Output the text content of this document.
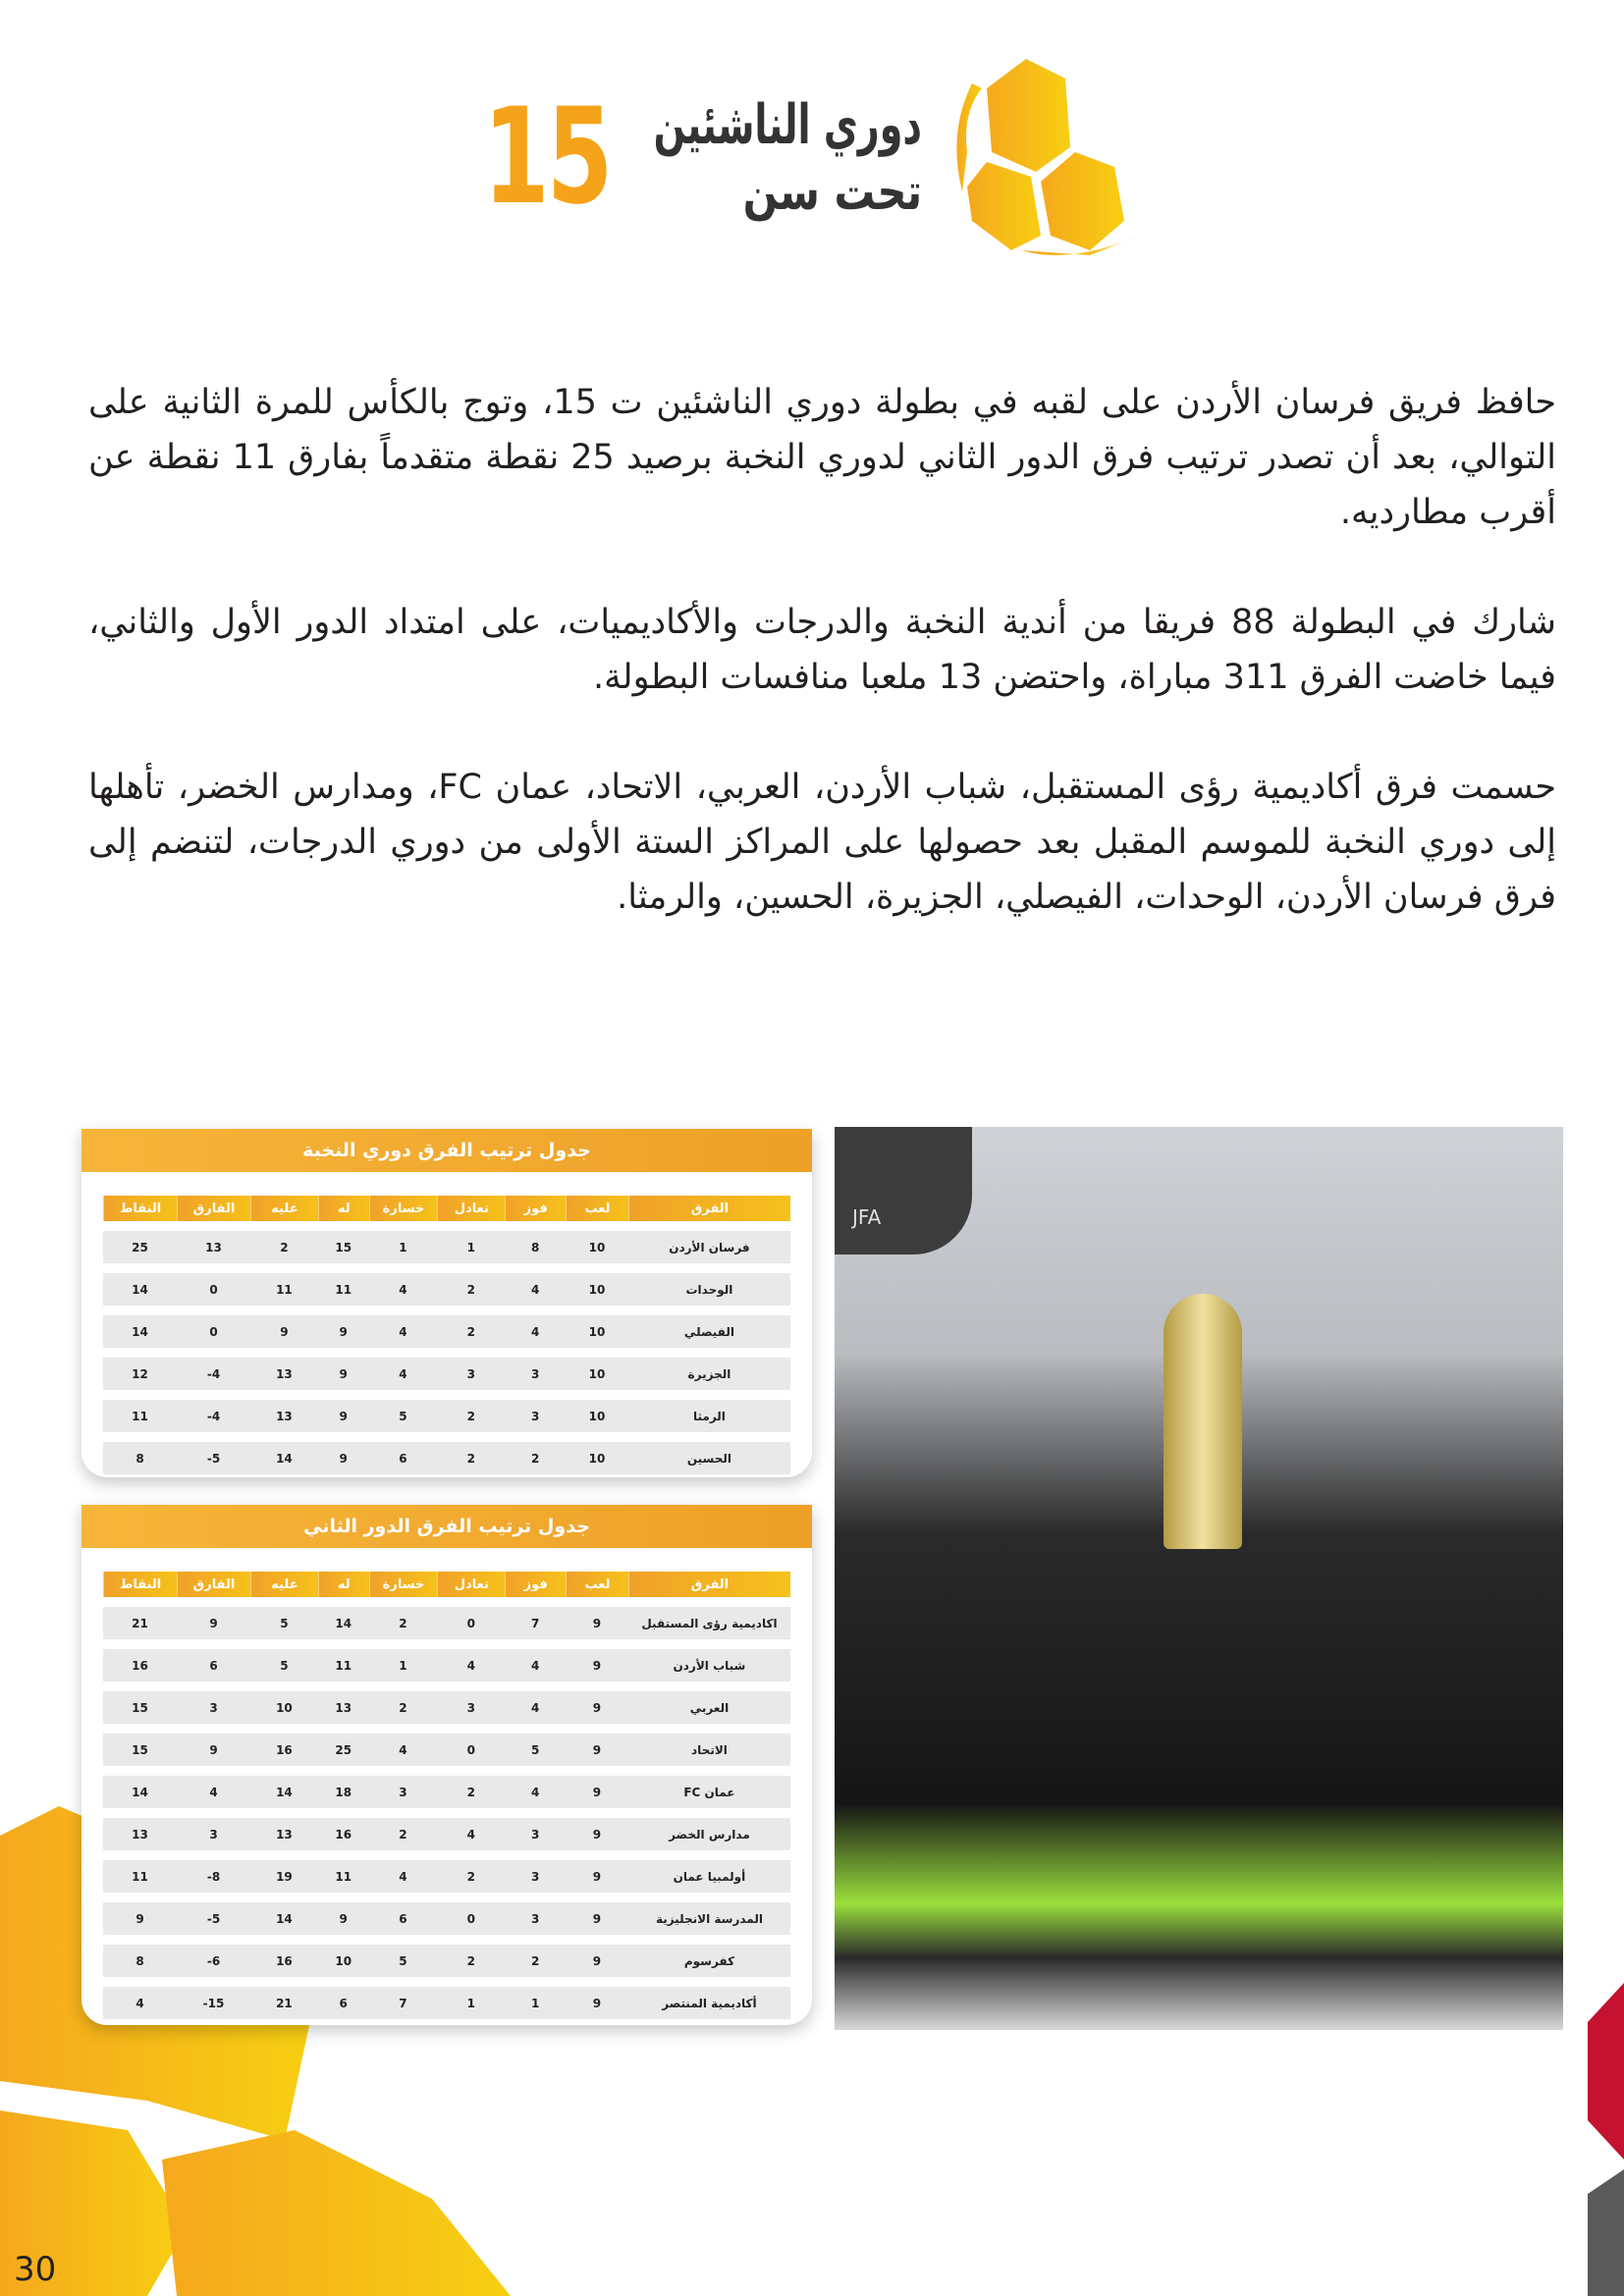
دوري الناشئين
تحت سن
15

حافظ فريق فرسان الأردن على لقبه في بطولة دوري الناشئين ت 15، وتوج بالكأس للمرة الثانية على التوالي، بعد أن تصدر ترتيب فرق الدور الثاني لدوري النخبة برصيد 25 نقطة متقدماً بفارق 11 نقطة عن أقرب مطارديه.

شارك في البطولة 88 فريقا من أندية النخبة والدرجات والأكاديميات، على امتداد الدور الأول والثاني، فيما خاضت الفرق 311 مباراة، واحتضن 13 ملعبا منافسات البطولة.

حسمت فرق أكاديمية رؤى المستقبل، شباب الأردن، العربي، الاتحاد، عمان FC، ومدارس الخضر، تأهلها إلى دوري النخبة للموسم المقبل بعد حصولها على المراكز الستة الأولى من دوري الدرجات، لتنضم إلى فرق فرسان الأردن، الوحدات، الفيصلي، الجزيرة، الحسين، والرمثا.

جدول ترتيب الفرق دوري النخبة
الفرق	لعب	فوز	تعادل	خسارة	له	عليه	الفارق	النقاط
فرسان الأردن	10	8	1	1	15	2	13	25
الوحدات	10	4	2	4	11	11	0	14
الفيصلي	10	4	2	4	9	9	0	14
الجزيرة	10	3	3	4	9	13	4-	12
الرمثا	10	3	2	5	9	13	4-	11
الحسين	10	2	2	6	9	14	5-	8
جدول ترتيب الفرق الدور الثاني
الفرق	لعب	فوز	تعادل	خسارة	له	عليه	الفارق	النقاط
اكاديمية رؤى المستقبل	9	7	0	2	14	5	9	21
شباب الأردن	9	4	4	1	11	5	6	16
العربي	9	4	3	2	13	10	3	15
الاتحاد	9	5	0	4	25	16	9	15
عمان FC	9	4	2	3	18	14	4	14
مدارس الخضر	9	3	4	2	16	13	3	13
أولمبيا عمان	9	3	2	4	11	19	8-	11
المدرسة الانجليزية	9	3	0	6	9	14	5-	9
كفرسوم	9	2	2	5	10	16	6-	8
أكاديمية المنتصر	9	1	1	7	6	21	15-	4
JFA
30
